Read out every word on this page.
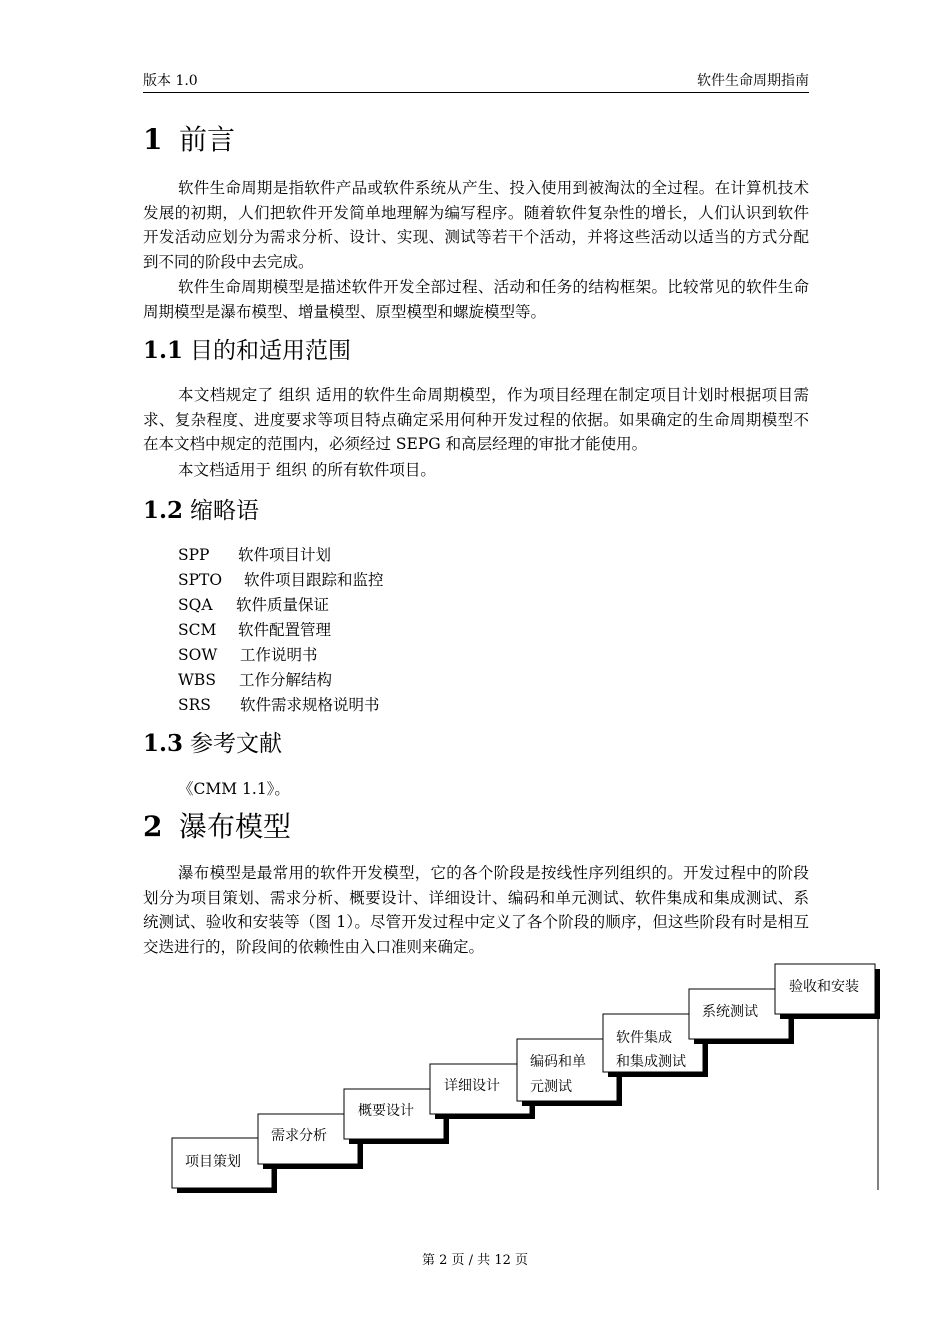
版本 1.0	软件生命周期指南
1 前言

软件生命周期是指软件产品或软件系统从产生、投入使用到被淘汰的全过程。在计算机技术发展的初期，人们把软件开发简单地理解为编写程序。随着软件复杂性的增长，人们认识到软件开发活动应划分为需求分析、设计、实现、测试等若干个活动，并将这些活动以适当的方式分配到不同的阶段中去完成。

软件生命周期模型是描述软件开发全部过程、活动和任务的结构框架。比较常见的软件生命周期模型是瀑布模型、增量模型、原型模型和螺旋模型等。

1.1 目的和适用范围

本文档规定了 组织 适用的软件生命周期模型，作为项目经理在制定项目计划时根据项目需求、复杂程度、进度要求等项目特点确定采用何种开发过程的依据。如果确定的生命周期模型不在本文档中规定的范围内，必须经过 SEPG 和高层经理的审批才能使用。

本文档适用于 组织 的所有软件项目。
1.2 缩略语
SPP 软件项目计划
SPTO 软件项目跟踪和监控
SQA 软件质量保证
SCM 软件配置管理
SOW 工作说明书
WBS 工作分解结构
SRS 软件需求规格说明书
1.3 参考文献
《CMM 1.1》。
2 瀑布模型

瀑布模型是最常用的软件开发模型，它的各个阶段是按线性序列组织的。开发过程中的阶段划分为项目策划、需求分析、概要设计、详细设计、编码和单元测试、软件集成和集成测试、系统测试、验收和安装等（图 1）。尽管开发过程中定义了各个阶段的顺序，但这些阶段有时是相互交迭进行的，阶段间的依赖性由入口准则来确定。

项目策划
需求分析
概要设计
详细设计
编码和单
元测试
软件集成
和集成测试
系统测试
验收和安装
第 2 页 / 共 12 页
